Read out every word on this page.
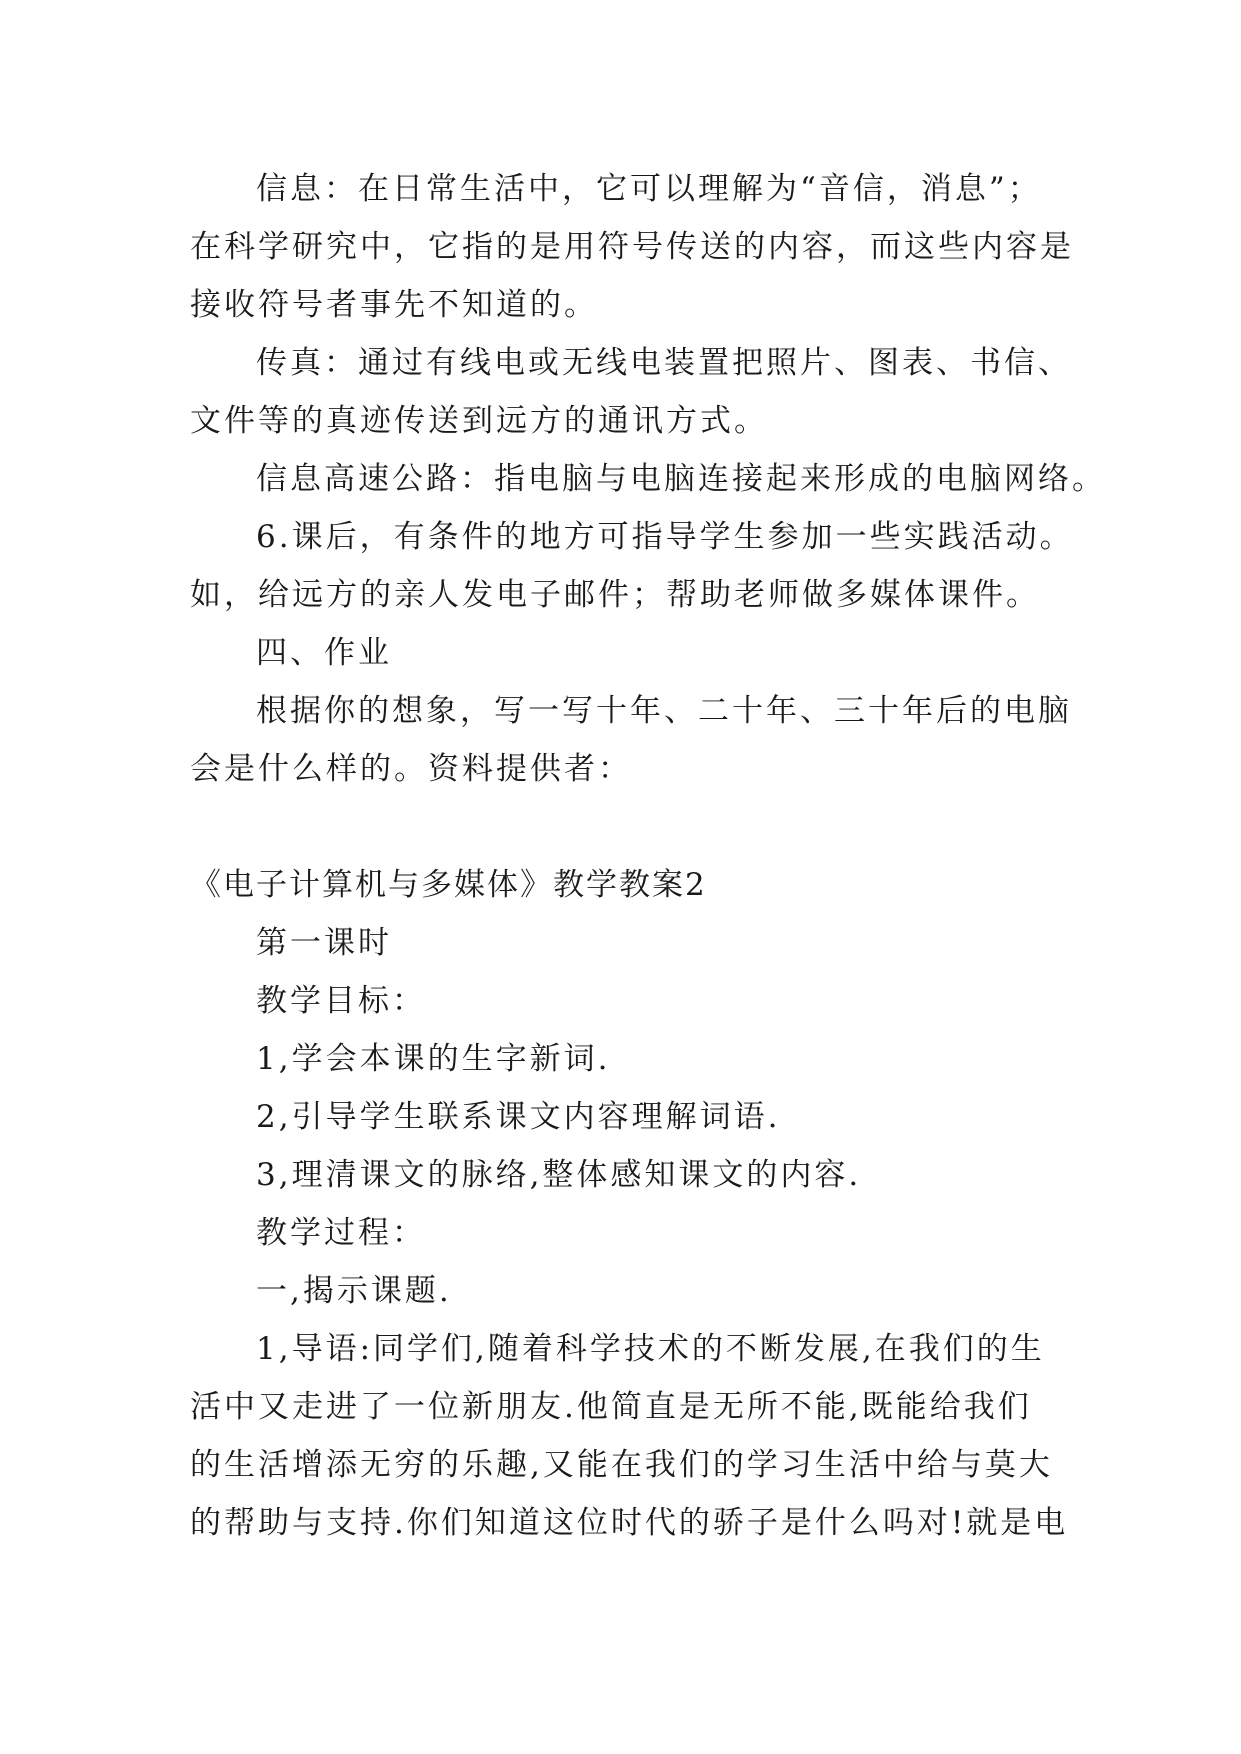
信息：在日常生活中，它可以理解为“音信，消息”；

在科学研究中，它指的是用符号传送的内容，而这些内容是

接收符号者事先不知道的。

传真：通过有线电或无线电装置把照片、图表、书信、

文件等的真迹传送到远方的通讯方式。

信息高速公路：指电脑与电脑连接起来形成的电脑网络。

6.课后，有条件的地方可指导学生参加一些实践活动。

如，给远方的亲人发电子邮件；帮助老师做多媒体课件。

四、作业

根据你的想象，写一写十年、二十年、三十年后的电脑

会是什么样的。资料提供者：

《电子计算机与多媒体》教学教案2

第一课时

教学目标：

1,学会本课的生字新词.

2,引导学生联系课文内容理解词语.

3,理清课文的脉络,整体感知课文的内容.

教学过程：

一,揭示课题.

1,导语:同学们,随着科学技术的不断发展,在我们的生

活中又走进了一位新朋友.他简直是无所不能,既能给我们

的生活增添无穷的乐趣,又能在我们的学习生活中给与莫大

的帮助与支持.你们知道这位时代的骄子是什么吗对!就是电
